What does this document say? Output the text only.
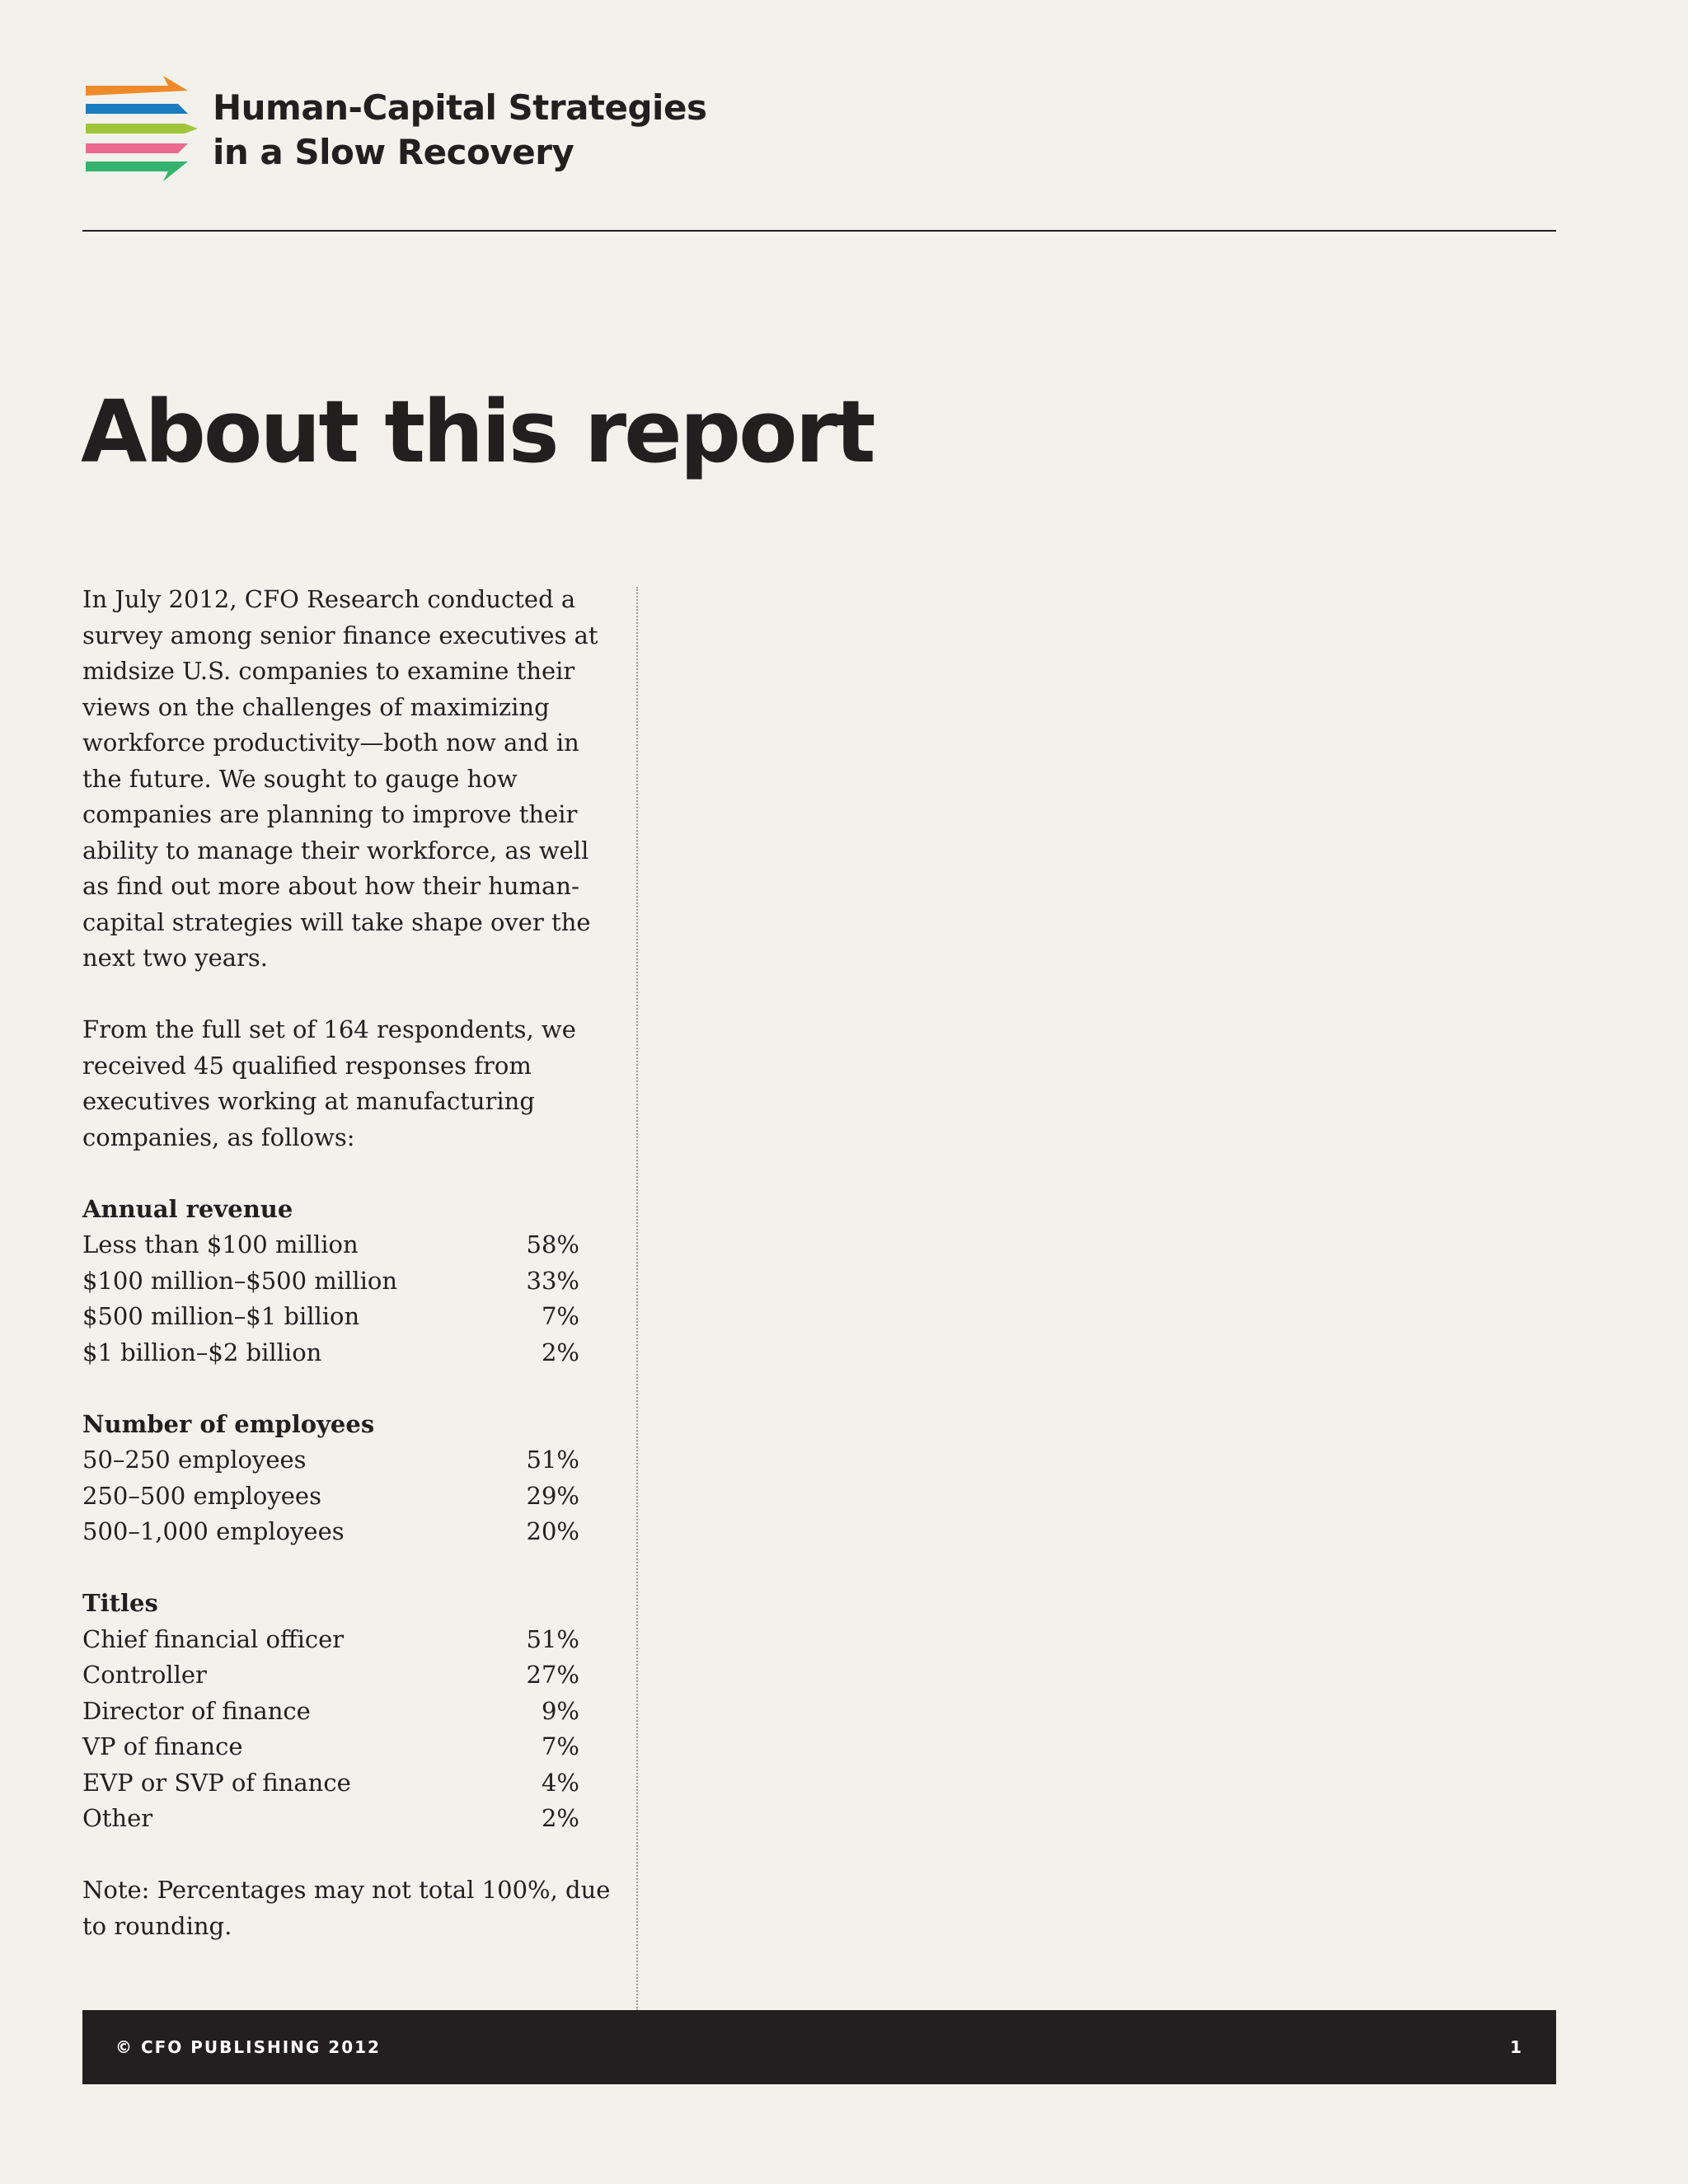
Human-Capital Strategies
in a Slow Recovery
About this report

In July 2012, CFO Research conducted a survey among senior finance executives at midsize U.S. companies to examine their views on the challenges of maximizing workforce productivity—both now and in the future. We sought to gauge how companies are planning to improve their ability to manage their workforce, as well as find out more about how their human-capital strategies will take shape over the next two years.

From the full set of 164 respondents, we received 45 qualified responses from executives working at manufacturing companies, as follows:

Annual revenue
Less than $100 million	58%
$100 million–$500 million	33%
$500 million–$1 billion	7%
$1 billion–$2 billion	2%
Number of employees
50–250 employees	51%
250–500 employees	29%
500–1,000 employees	20%
Titles
Chief financial officer	51%
Controller	27%
Director of finance	9%
VP of finance	7%
EVP or SVP of finance	4%
Other	2%

Note: Percentages may not total 100%, due to rounding.

© CFO PUBLISHING 2012	1
